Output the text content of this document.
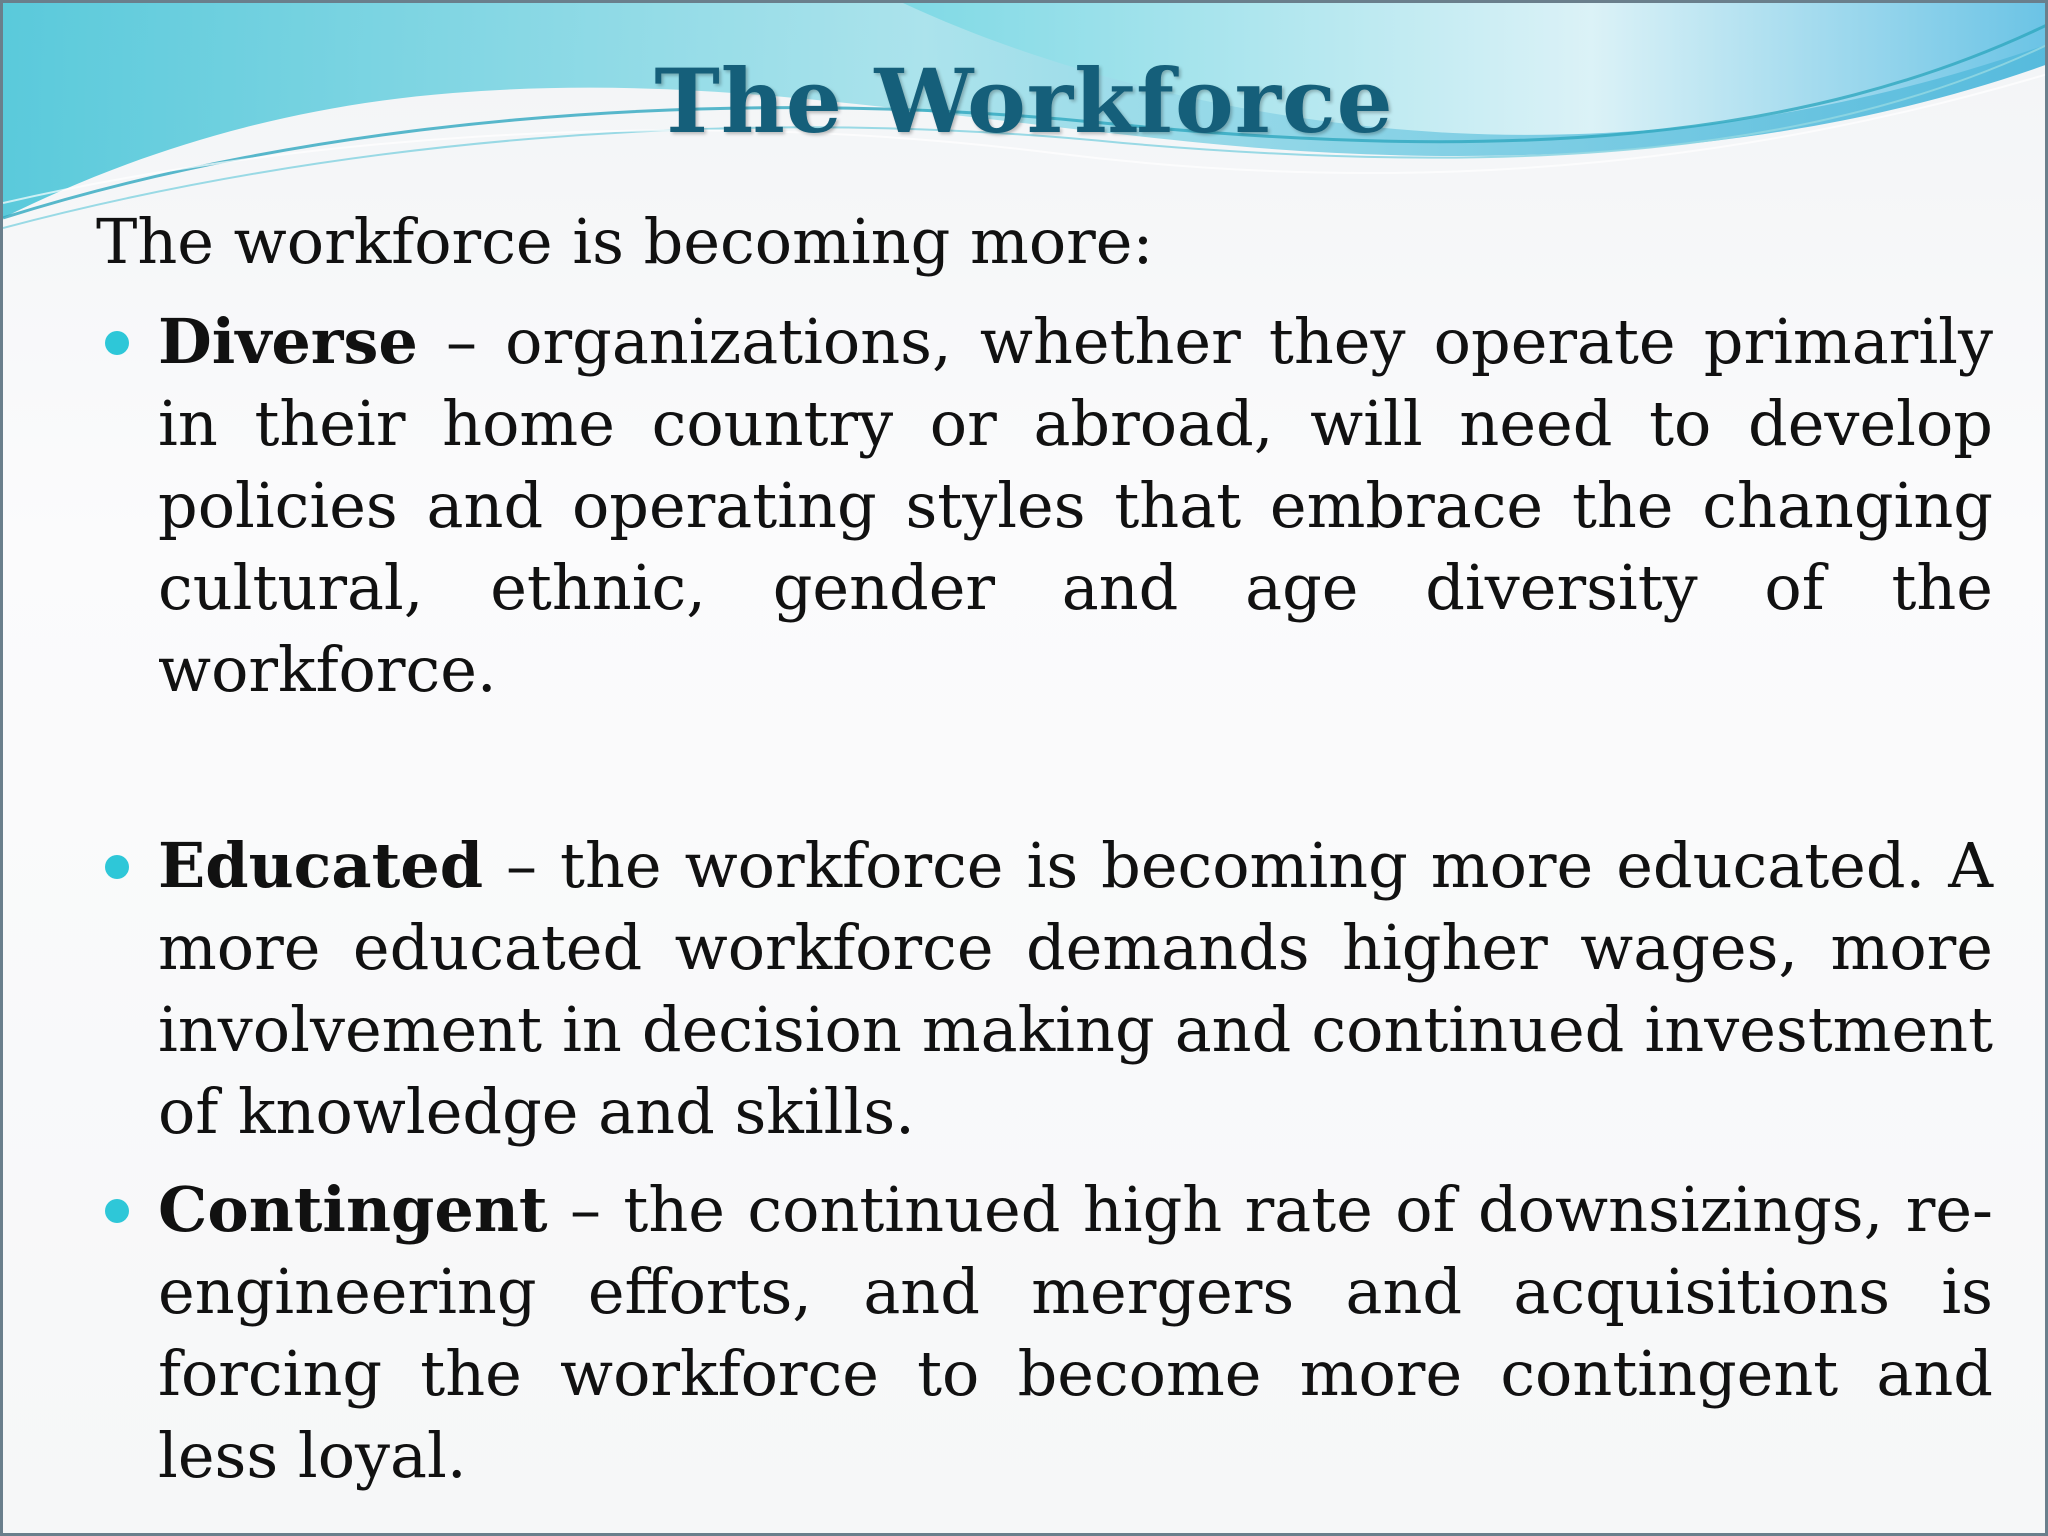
The Workforce
The workforce is becoming more:
Diverse – organizations, whether they operate primarily in their home country or abroad, will need to develop policies and operating styles that embrace the changing cultural, ethnic, gender and age diversity of the workforce.
Educated – the workforce is becoming more educated. A more educated workforce demands higher wages, more involvement in decision making and continued investment of knowledge and skills.
Contingent – the continued high rate of downsizings, re-engineering efforts, and mergers and acquisitions is forcing the workforce to become more contingent and less loyal.
